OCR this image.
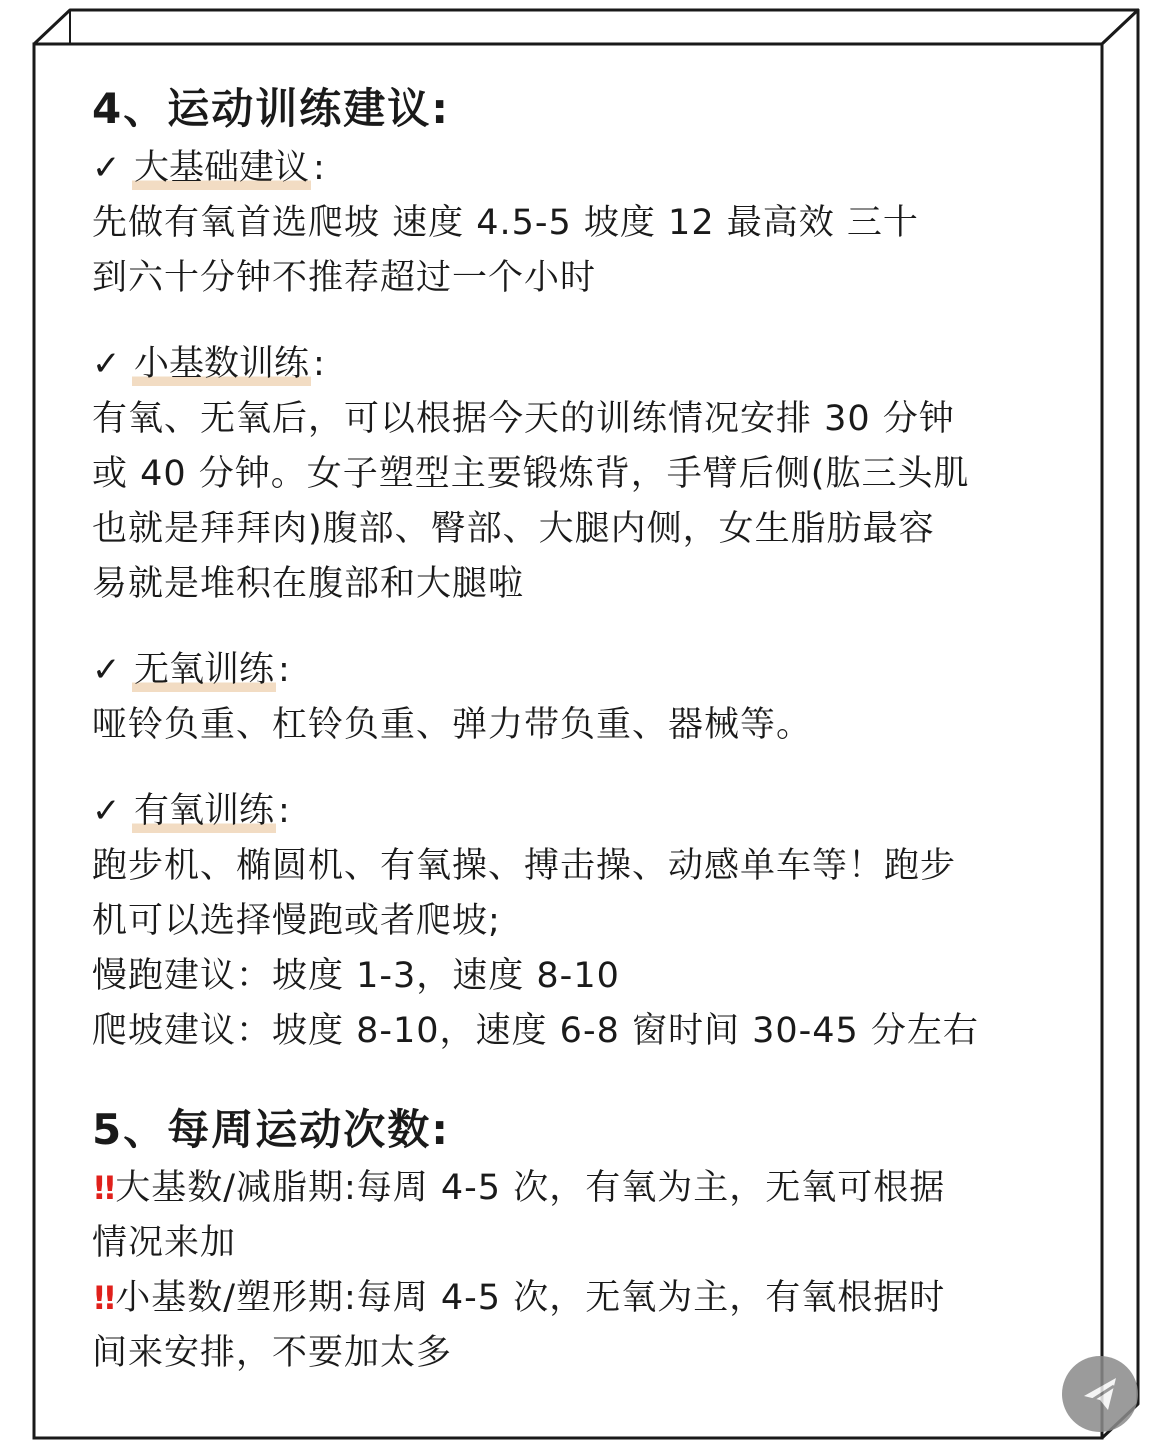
4、运动训练建议:
✓ 大基础建议 :

先做有氧首选爬坡 速度 4.5-5 坡度 12 最高效 三十

到六十分钟不推荐超过一个小时

✓ 小基数训练 :

有氧、无氧后，可以根据今天的训练情况安排 30 分钟

或 40 分钟。女子塑型主要锻炼背，手臂后侧(肱三头肌

也就是拜拜肉)腹部、臀部、大腿内侧，女生脂肪最容

易就是堆积在腹部和大腿啦

✓ 无氧训练 :

哑铃负重、杠铃负重、弹力带负重、器械等。

✓ 有氧训练 :

跑步机、椭圆机、有氧操、搏击操、动感单车等！跑步

机可以选择慢跑或者爬坡;

慢跑建议：坡度 1-3，速度 8-10

爬坡建议：坡度 8-10，速度 6-8 窗时间 30-45 分左右

5、每周运动次数:

!!大基数/减脂期:每周 4-5 次，有氧为主，无氧可根据

情况来加

!!小基数/塑形期:每周 4-5 次，无氧为主，有氧根据时

间来安排，不要加太多
